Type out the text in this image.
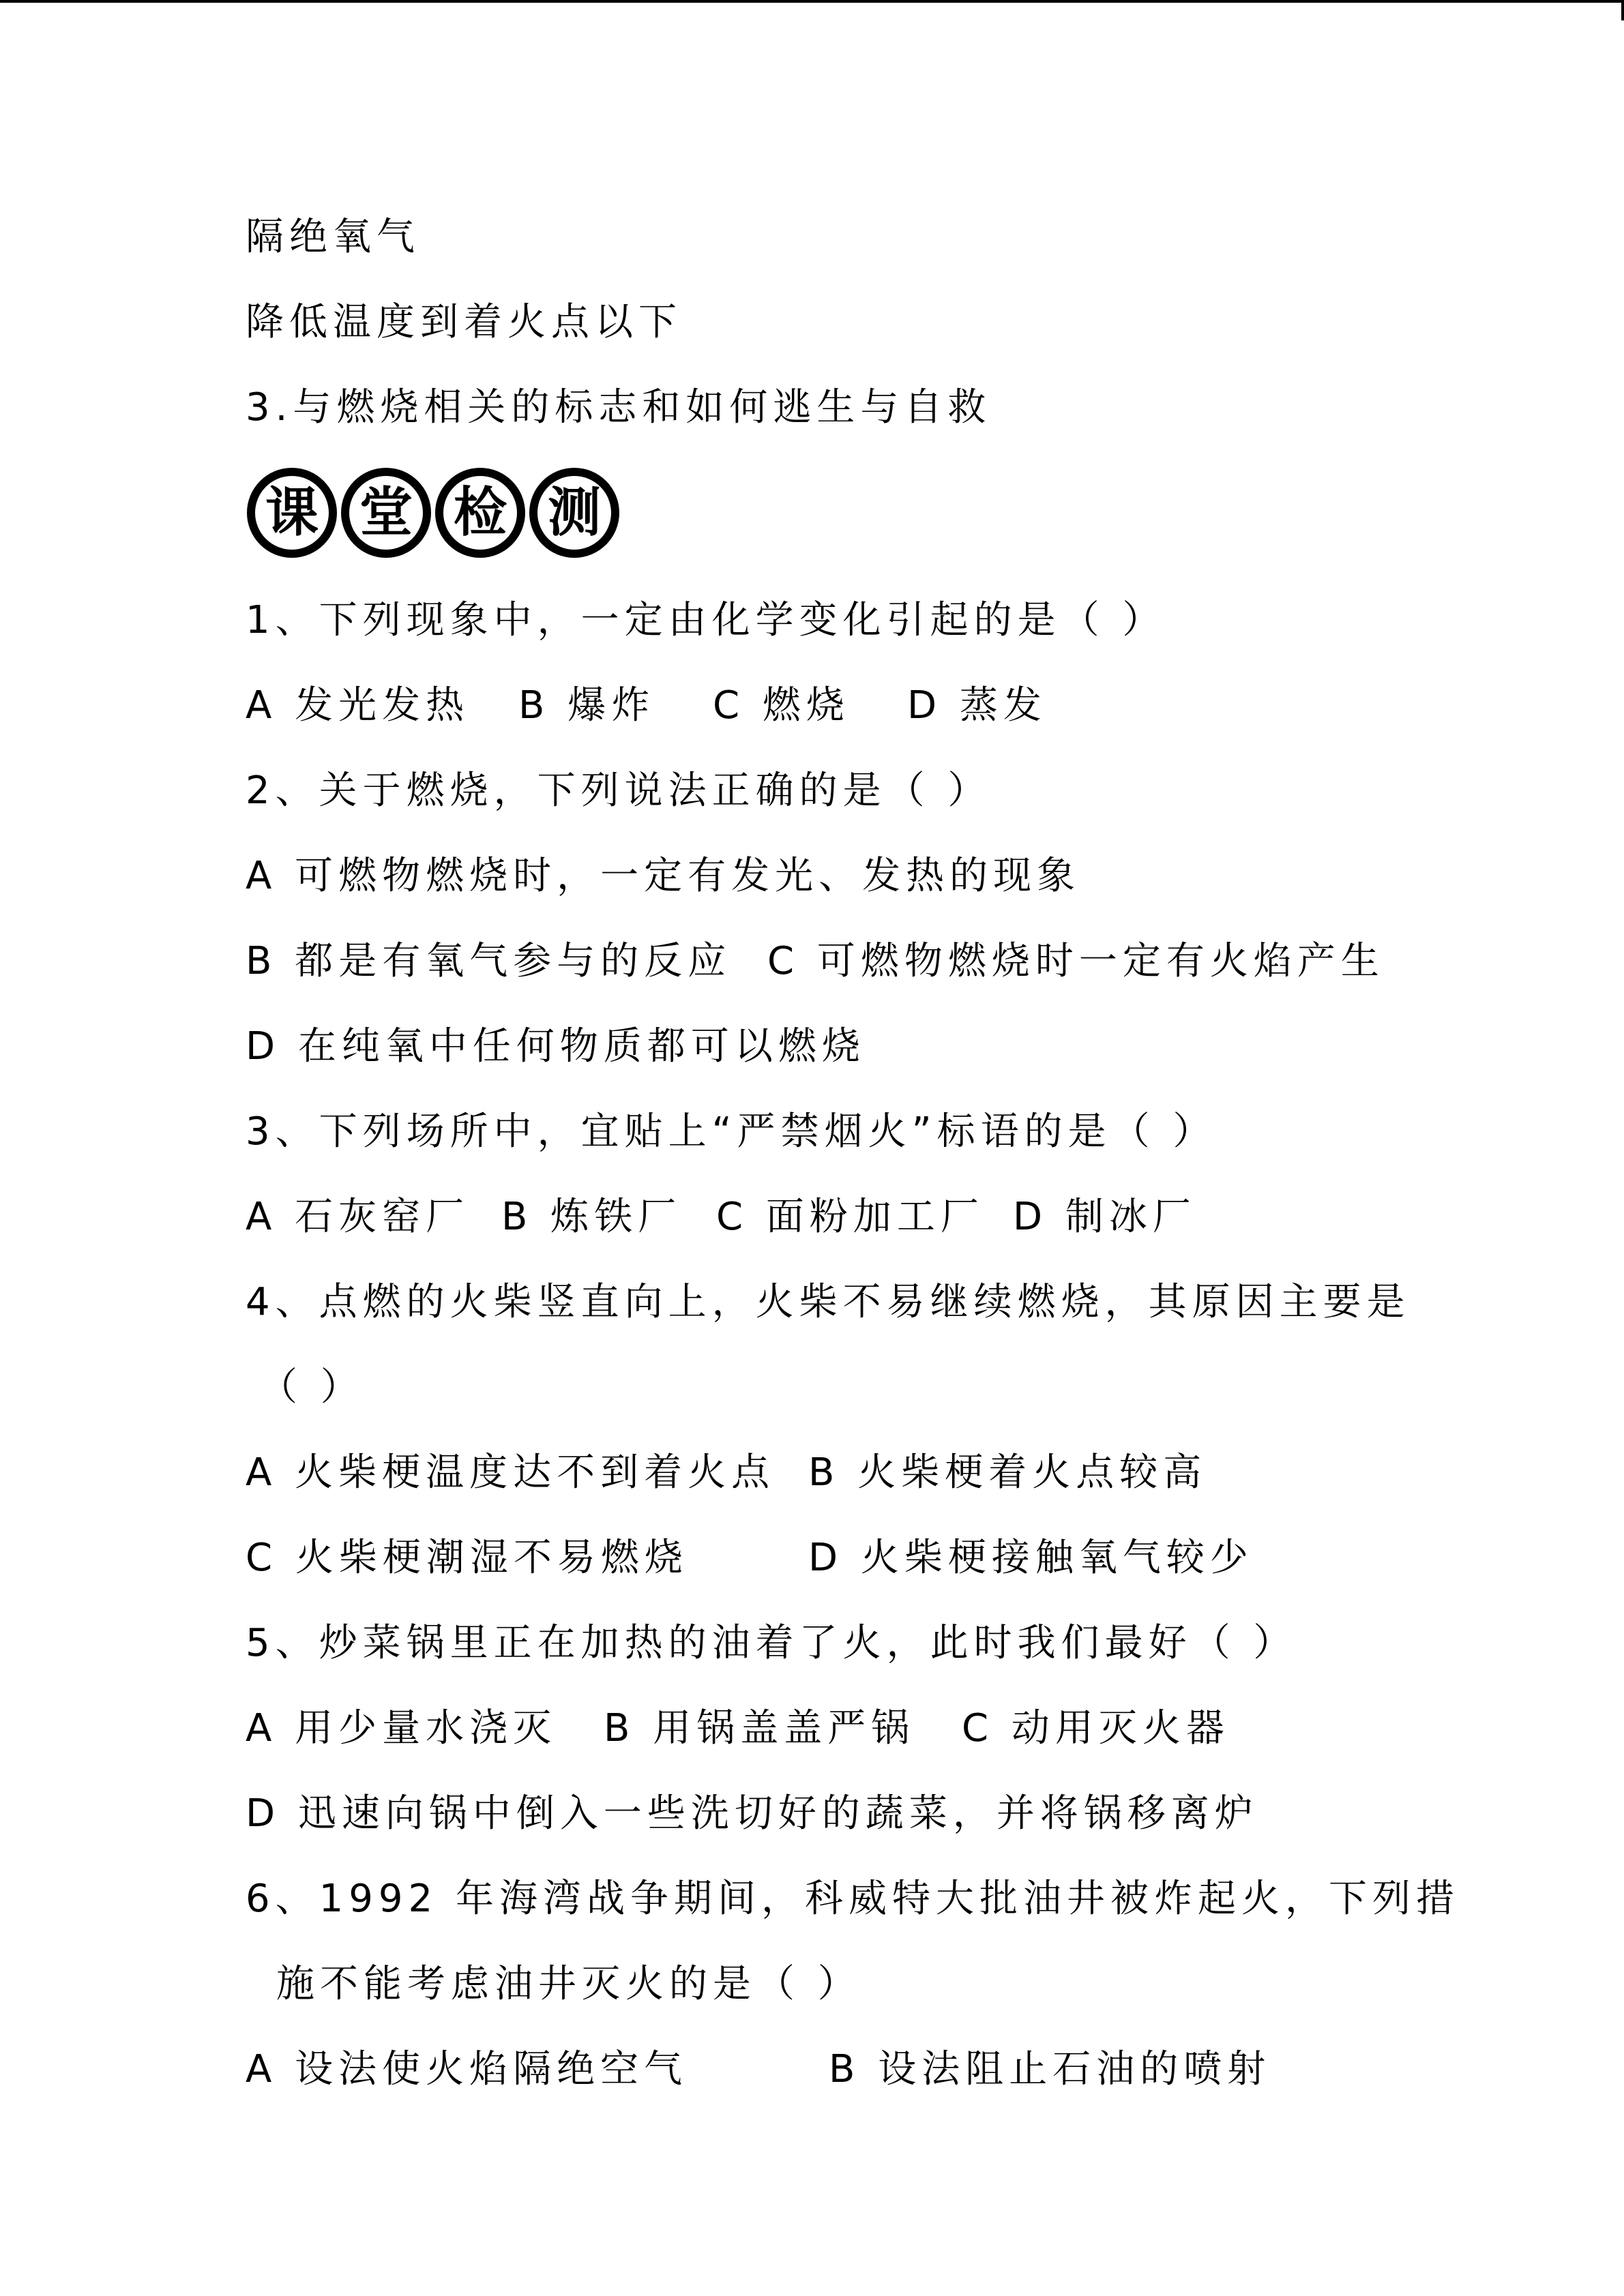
隔绝氧气
降低温度到着火点以下
3.与燃烧相关的标志和如何逃生与自救
课 堂 检 测
1、下列现象中，一定由化学变化引起的是（ ）
A 发光发热 B 爆炸 C 燃烧 D 蒸发
2、关于燃烧，下列说法正确的是（ ）
A 可燃物燃烧时，一定有发光、发热的现象
B 都是有氧气参与的反应 C 可燃物燃烧时一定有火焰产生
D 在纯氧中任何物质都可以燃烧
3、下列场所中，宜贴上“严禁烟火”标语的是（ ）
A 石灰窑厂 B 炼铁厂 C 面粉加工厂 D 制冰厂
4、点燃的火柴竖直向上，火柴不易继续燃烧，其原因主要是
（ ）
A 火柴梗温度达不到着火点 B 火柴梗着火点较高
C 火柴梗潮湿不易燃烧	D 火柴梗接触氧气较少
5、炒菜锅里正在加热的油着了火，此时我们最好（ ）
A 用少量水浇灭 B 用锅盖盖严锅 C 动用灭火器
D 迅速向锅中倒入一些洗切好的蔬菜，并将锅移离炉
6、1992 年海湾战争期间，科威特大批油井被炸起火，下列措
施不能考虑油井灭火的是（ ）
A 设法使火焰隔绝空气	B 设法阻止石油的喷射
